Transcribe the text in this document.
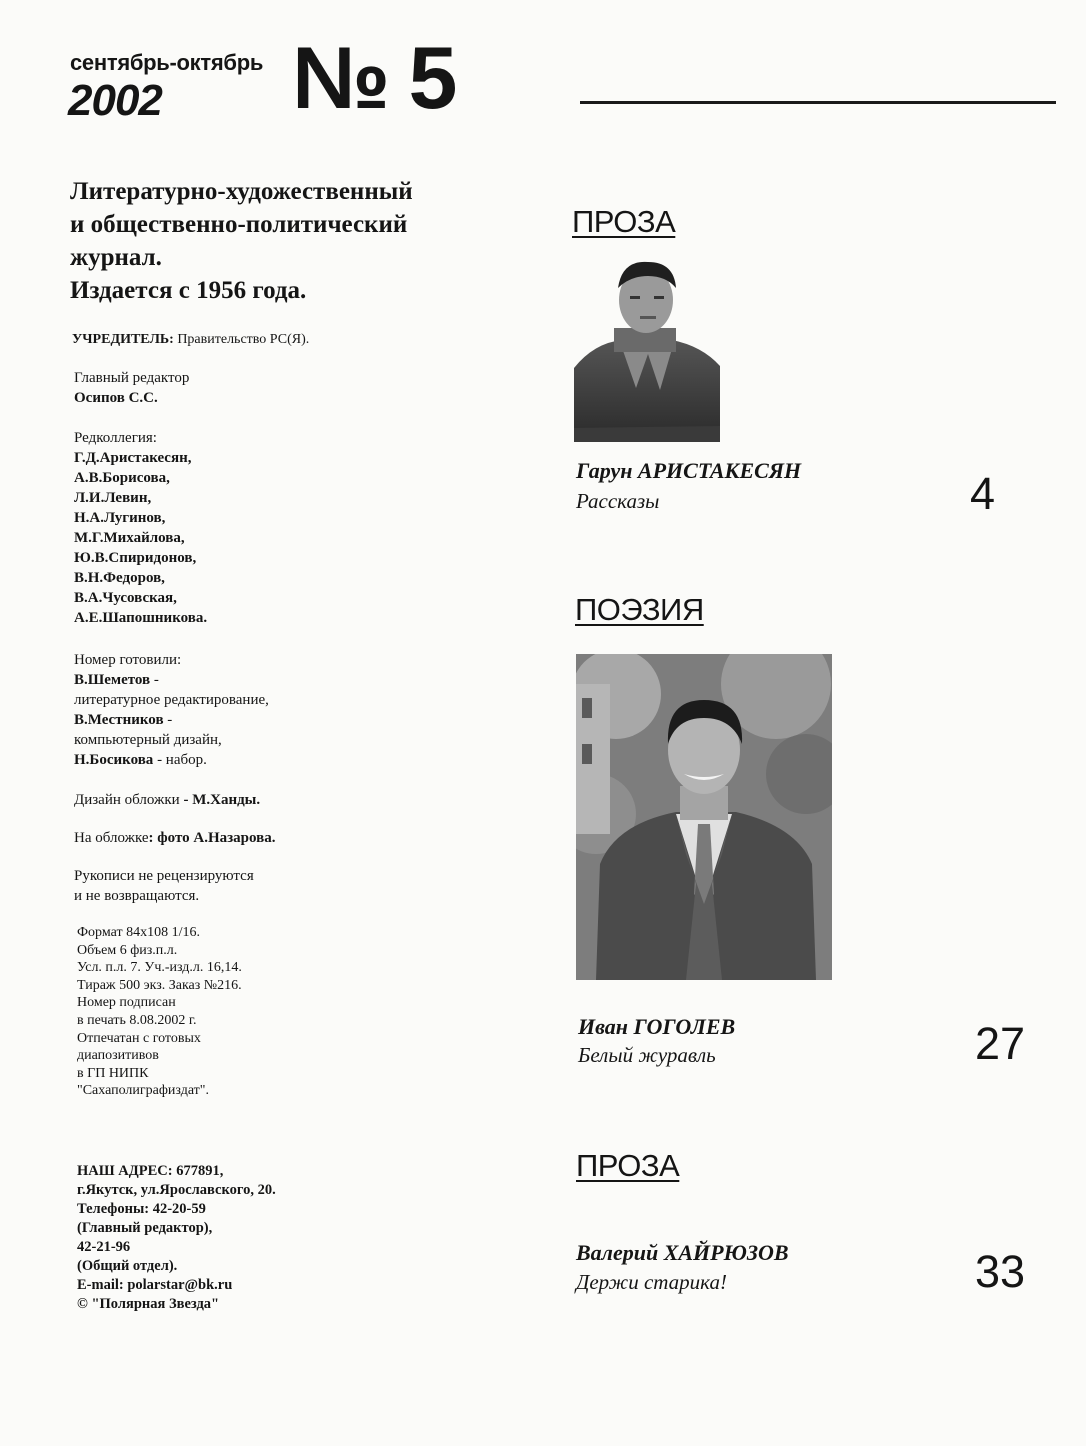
сентябрь-октябрь
2002 № 5
Литературно-художественный
и общественно-политический
журнал.
Издается с 1956 года.
УЧРЕДИТЕЛЬ: Правительство РС(Я).
Главный редактор
Осипов С.С.
Редколлегия:
Г.Д.Аристакесян,
А.В.Борисова,
Л.И.Левин,
Н.А.Лугинов,
М.Г.Михайлова,
Ю.В.Спиридонов,
В.Н.Федоров,
В.А.Чусовская,
А.Е.Шапошникова.
Номер готовили:
В.Шеметов -
литературное редактирование,
В.Местников -
компьютерный дизайн,
Н.Босикова - набор.
Дизайн обложки - М.Ханды.
На обложке: фото А.Назарова.
Рукописи не рецензируются
и не возвращаются.
Формат 84х108 1/16.
Объем 6 физ.п.л.
Усл. п.л. 7. Уч.-изд.л. 16,14.
Тираж 500 экз. Заказ №216.
Номер подписан
в печать 8.08.2002 г.
Отпечатан с готовых
диапозитивов
в ГП НИПК
"Сахаполиграфиздат".
НАШ АДРЕС: 677891,
г.Якутск, ул.Ярославского, 20.
Телефоны: 42-20-59
(Главный редактор),
42-21-96
(Общий отдел).
E-mail: polarstar@bk.ru
© "Полярная Звезда"
ПРОЗА
Гарун АРИСТАКЕСЯН
Рассказы	4
ПОЭЗИЯ
Иван ГОГОЛЕВ
Белый журавль	27
ПРОЗА
Валерий ХАЙРЮЗОВ
Держи старика!	33
